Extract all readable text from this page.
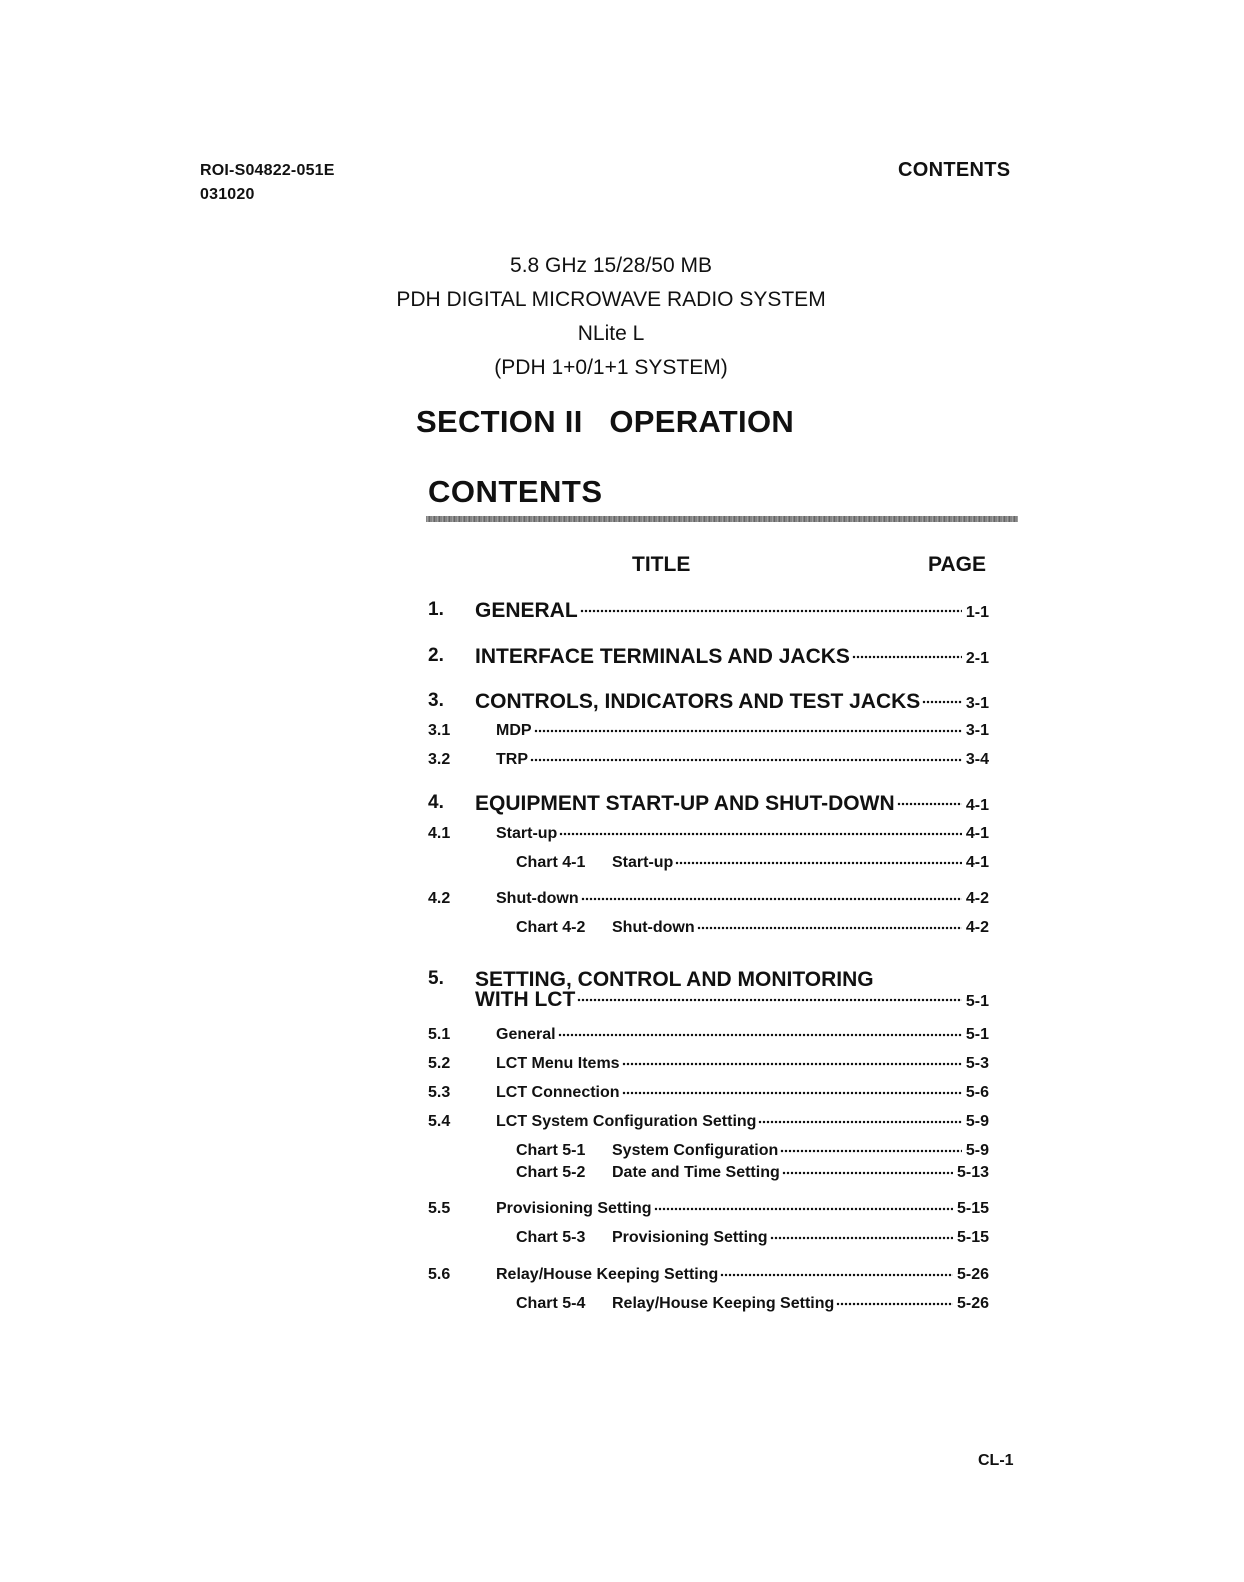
ROI-S04822-051E
031020
CONTENTS
5.8 GHz 15/28/50 MB
PDH DIGITAL MICROWAVE RADIO SYSTEM
NLite L
(PDH 1+0/1+1 SYSTEM)
SECTION II   OPERATION
CONTENTS
TITLE	PAGE
1. GENERAL	1-1
2. INTERFACE TERMINALS AND JACKS	2-1
3. CONTROLS, INDICATORS AND TEST JACKS	3-1
3.1	MDP	3-1
3.2	TRP	3-4
4. EQUIPMENT START-UP AND SHUT-DOWN	4-1
4.1	Start-up	4-1
Chart 4-1	Start-up	4-1
4.2	Shut-down	4-2
Chart 4-2	Shut-down	4-2
5. SETTING, CONTROL AND MONITORING
WITH LCT	5-1
5.1	General	5-1
5.2	LCT Menu Items	5-3
5.3	LCT Connection	5-6
5.4	LCT System Configuration Setting	5-9
Chart 5-1	System Configuration	5-9
Chart 5-2	Date and Time Setting	5-13
5.5	Provisioning Setting	5-15
Chart 5-3	Provisioning Setting	5-15
5.6	Relay/House Keeping Setting	5-26
Chart 5-4	Relay/House Keeping Setting	5-26
CL-1
